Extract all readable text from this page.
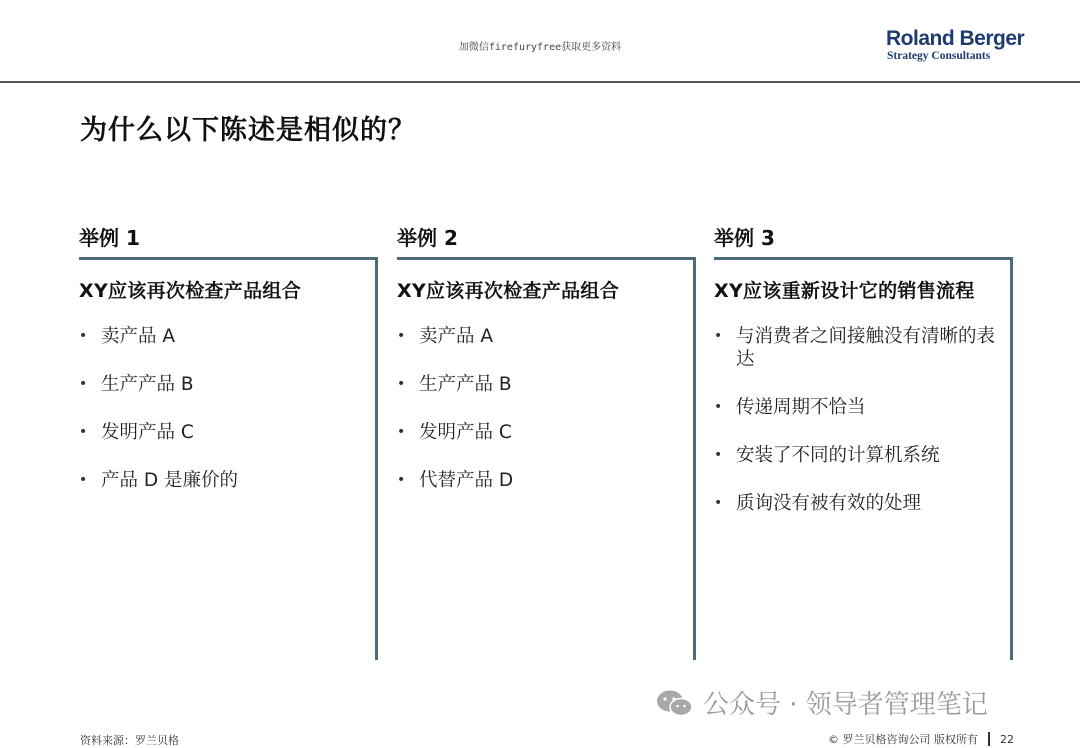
加微信firefuryfree获取更多资料	Roland Berger
Strategy Consultants
为什么以下陈述是相似的？
举例 1
XY应该再次检查产品组合
• 卖产品 A
• 生产产品 B
• 发明产品 C
• 产品 D 是廉价的
举例 2
XY应该再次检查产品组合
• 卖产品 A
• 生产产品 B
• 发明产品 C
• 代替产品 D
举例 3
XY应该重新设计它的销售流程
• 与消费者之间接触没有清晰的表达
• 传递周期不恰当
• 安装了不同的计算机系统
• 质询没有被有效的处理
公众号 · 领导者管理笔记
资料来源：罗兰贝格	© 罗兰贝格咨询公司 版权所有 22
